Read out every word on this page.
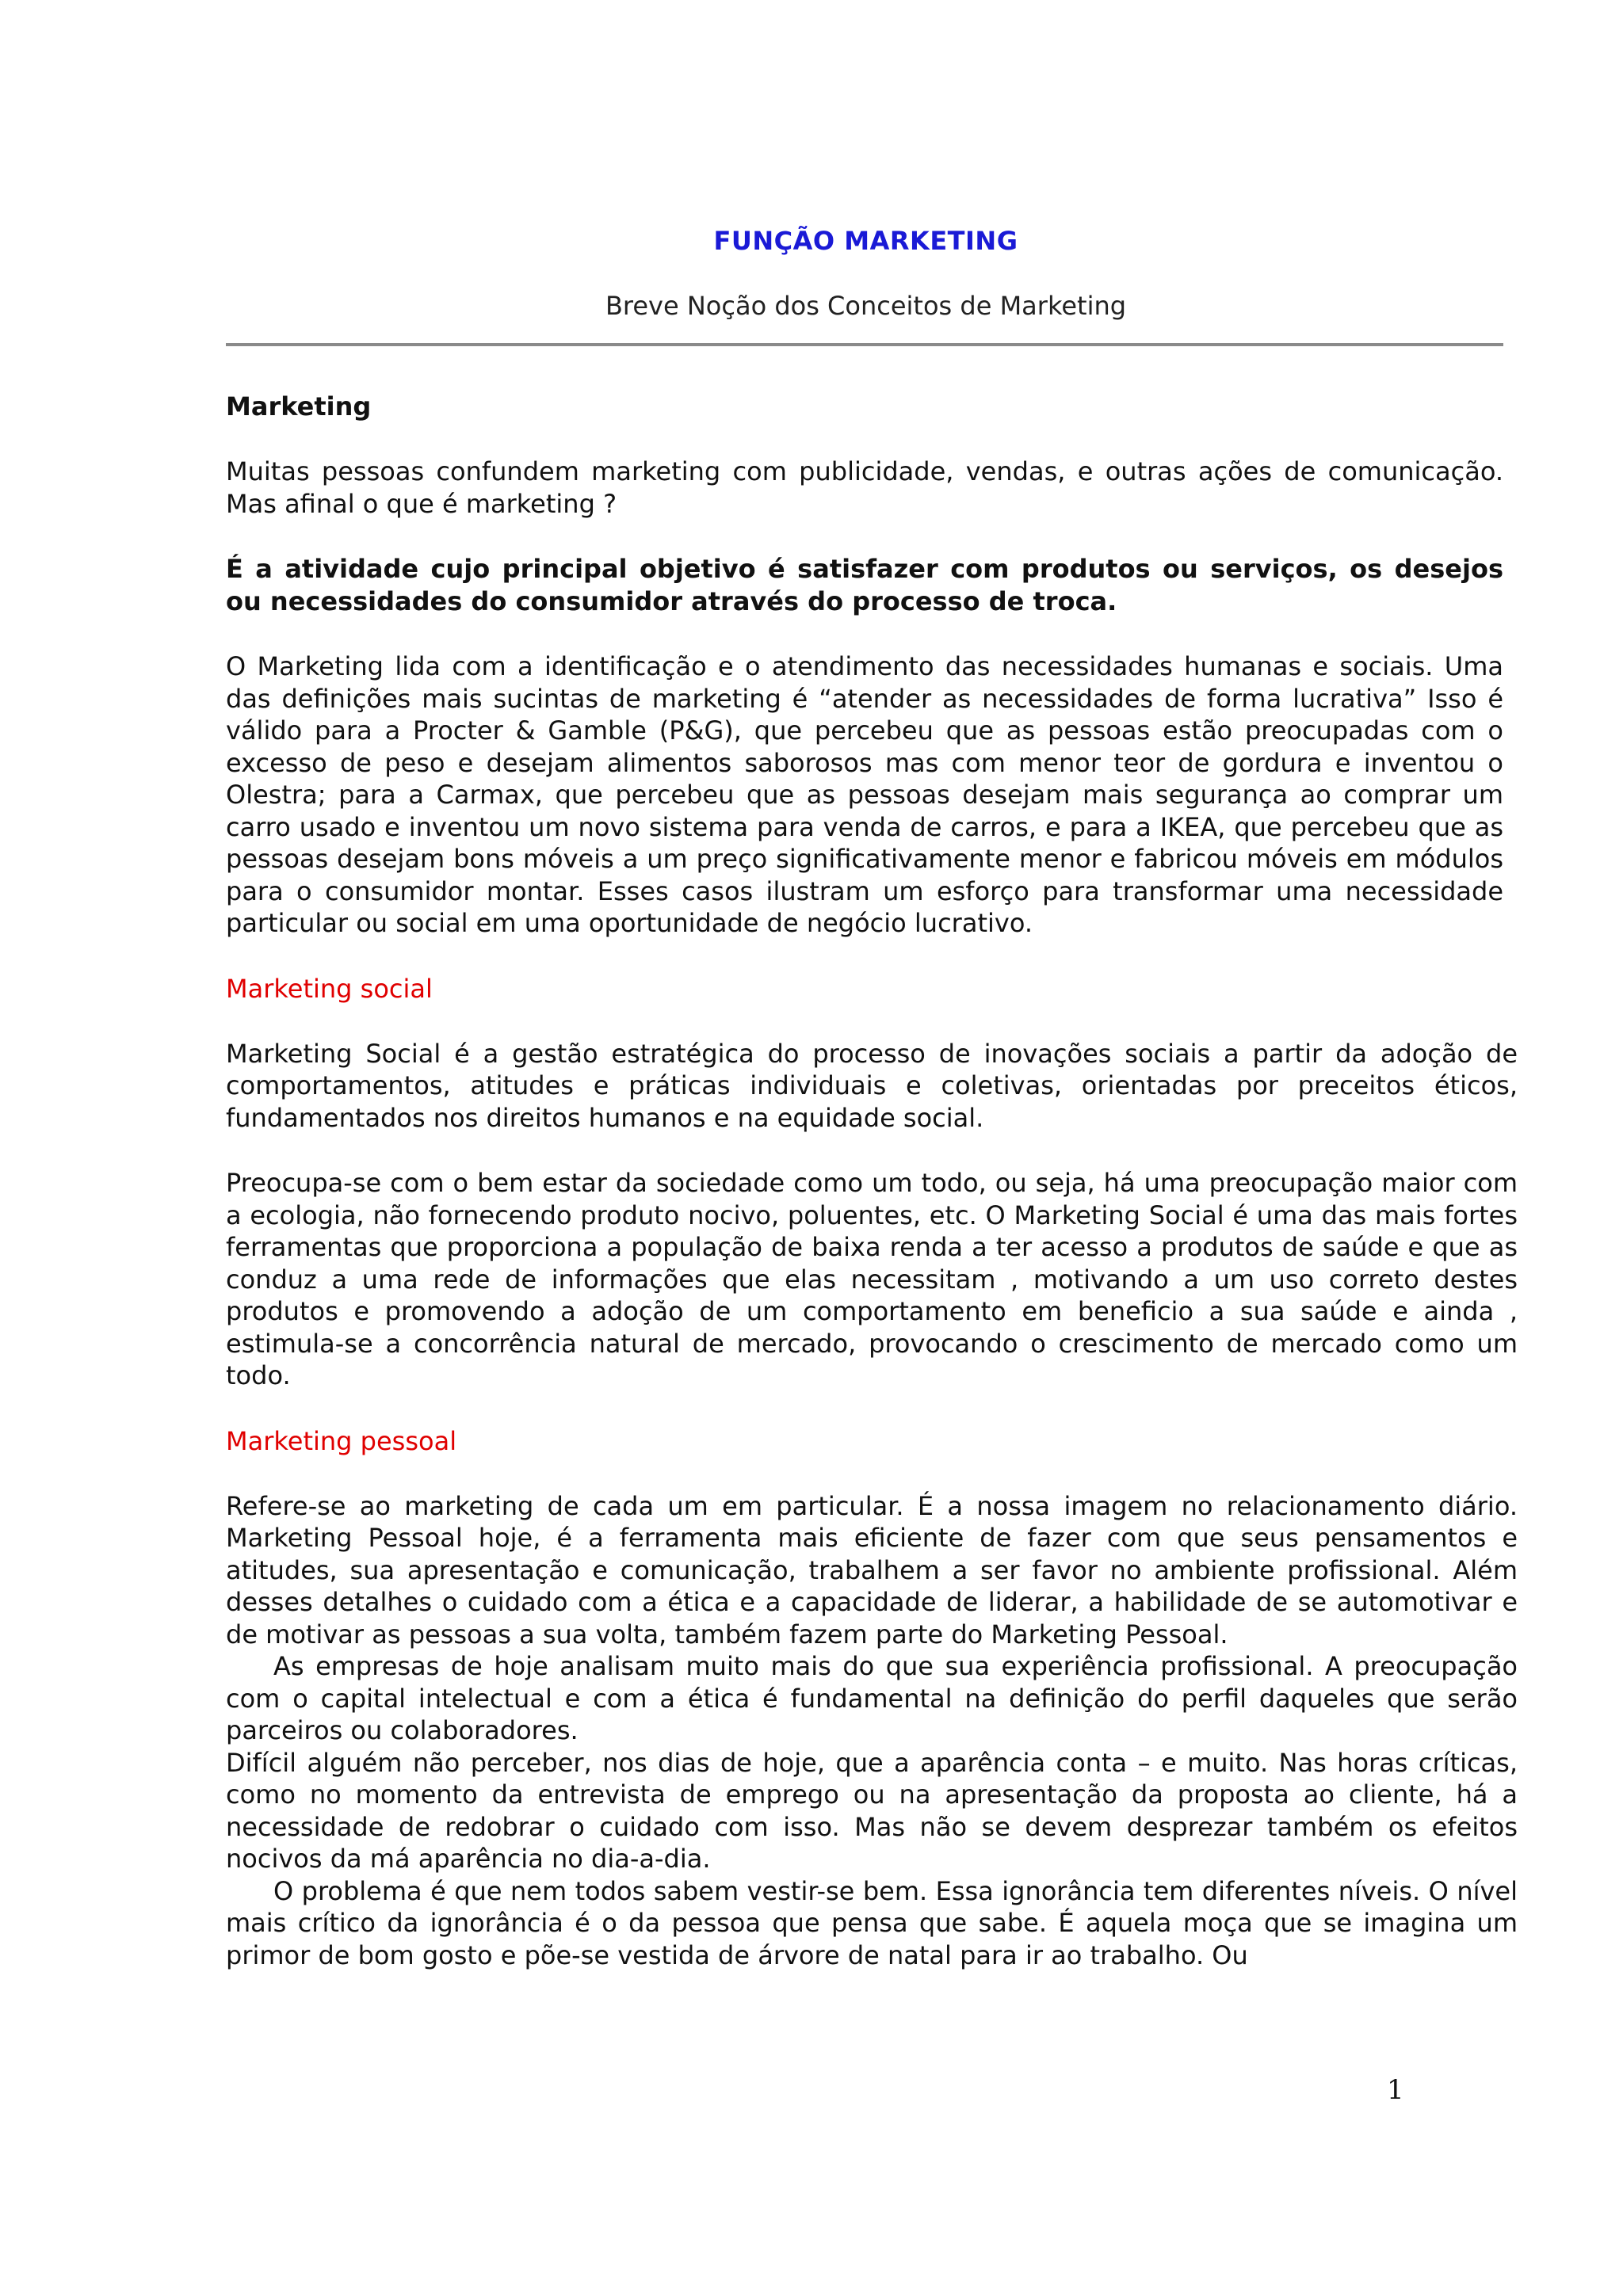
FUNÇÃO MARKETING
Breve Noção dos Conceitos de Marketing
Marketing

Muitas pessoas confundem marketing com publicidade, vendas, e outras ações de comunicação. Mas afinal o que é marketing ?

É a atividade cujo principal objetivo é satisfazer com produtos ou serviços, os desejos ou necessidades do consumidor através do processo de troca.

O Marketing lida com a identificação e o atendimento das necessidades humanas e sociais. Uma das definições mais sucintas de marketing é “atender as necessidades de forma lucrativa” Isso é válido para a Procter & Gamble (P&G), que percebeu que as pessoas estão preocupadas com o excesso de peso e desejam alimentos saborosos mas com menor teor de gordura e inventou o Olestra; para a Carmax, que percebeu que as pessoas desejam mais segurança ao comprar um carro usado e inventou um novo sistema para venda de carros, e para a IKEA, que percebeu que as pessoas desejam bons móveis a um preço significativamente menor e fabricou móveis em módulos para o consumidor montar. Esses casos ilustram um esforço para transformar uma necessidade particular ou social em uma oportunidade de negócio lucrativo.

Marketing social

Marketing Social é a gestão estratégica do processo de inovações sociais a partir da adoção de comportamentos, atitudes e práticas individuais e coletivas, orientadas por preceitos éticos, fundamentados nos direitos humanos e na equidade social.

Preocupa-se com o bem estar da sociedade como um todo, ou seja, há uma preocupação maior com a ecologia, não fornecendo produto nocivo, poluentes, etc. O Marketing Social é uma das mais fortes ferramentas que proporciona a população de baixa renda a ter acesso a produtos de saúde e que as conduz a uma rede de informações que elas necessitam , motivando a um uso correto destes produtos e promovendo a adoção de um comportamento em beneficio a sua saúde e ainda , estimula-se a concorrência natural de mercado, provocando o crescimento de mercado como um todo.

Marketing pessoal

Refere-se ao marketing de cada um em particular. É a nossa imagem no relacionamento diário. Marketing Pessoal hoje, é a ferramenta mais eficiente de fazer com que seus pensamentos e atitudes, sua apresentação e comunicação, trabalhem a ser favor no ambiente profissional. Além desses detalhes o cuidado com a ética e a capacidade de liderar, a habilidade de se automotivar e de motivar as pessoas a sua volta, também fazem parte do Marketing Pessoal.

As empresas de hoje analisam muito mais do que sua experiência profissional. A preocupação com o capital intelectual e com a ética é fundamental na definição do perfil daqueles que serão parceiros ou colaboradores.

Difícil alguém não perceber, nos dias de hoje, que a aparência conta – e muito. Nas horas críticas, como no momento da entrevista de emprego ou na apresentação da proposta ao cliente, há a necessidade de redobrar o cuidado com isso. Mas não se devem desprezar também os efeitos nocivos da má aparência no dia-a-dia.

O problema é que nem todos sabem vestir-se bem. Essa ignorância tem diferentes níveis. O nível mais crítico da ignorância é o da pessoa que pensa que sabe. É aquela moça que se imagina um primor de bom gosto e põe-se vestida de árvore de natal para ir ao trabalho. Ou

1
